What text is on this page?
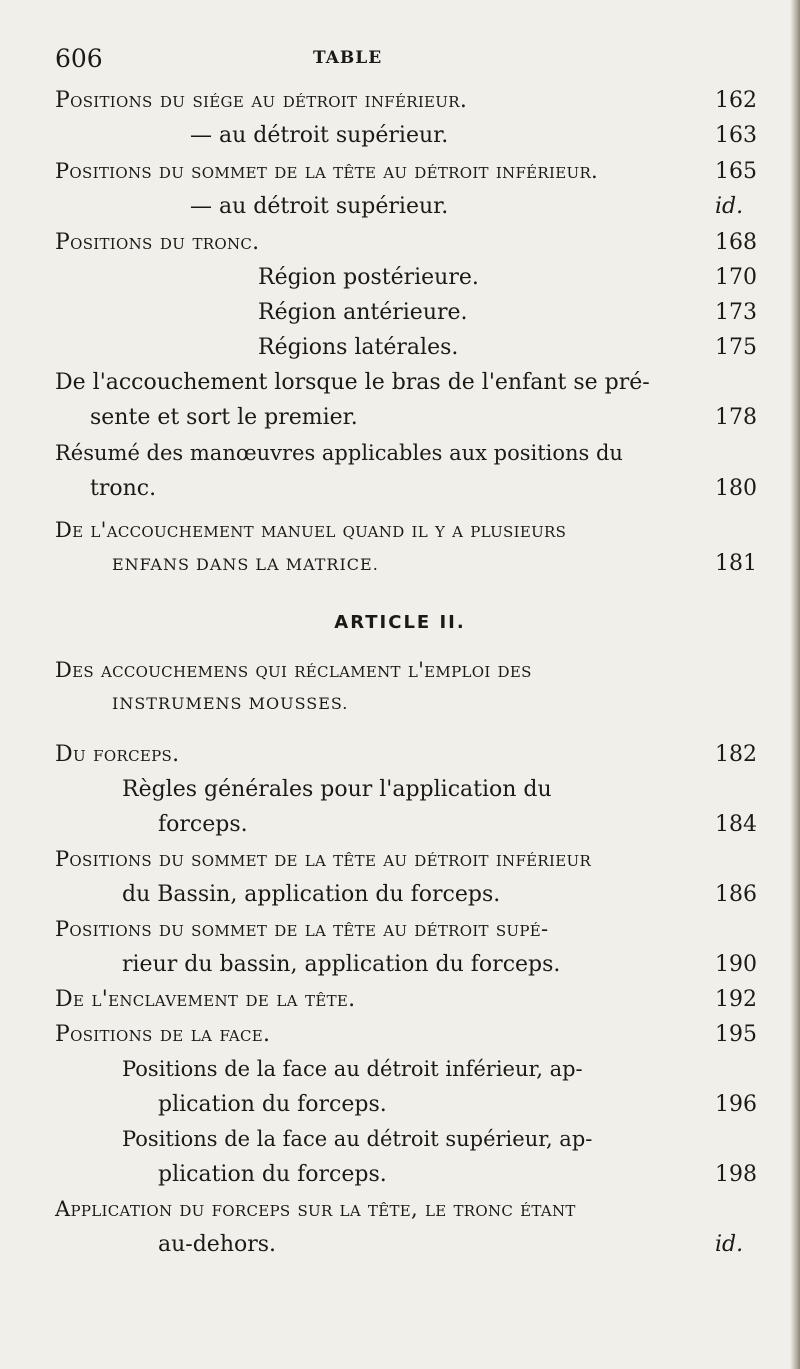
606	TABLE
Positions du siége au détroit inférieur.	162
— au détroit supérieur.	163
Positions du sommet de la tête au détroit inférieur.	165
— au détroit supérieur.	id.
Positions du tronc.	168
Région postérieure.	170
Région antérieure.	173
Régions latérales.	175
De l'accouchement lorsque le bras de l'enfant se pré-
sente et sort le premier.	178
Résumé des manœuvres applicables aux positions du
tronc.	180
De l'accouchement manuel quand il y a plusieurs
ENFANS DANS LA MATRICE.	181
ARTICLE II.
Des accouchemens qui réclament l'emploi des
INSTRUMENS MOUSSES.
Du forceps.	182
Règles générales pour l'application du
forceps.	184
Positions du sommet de la tête au détroit inférieur
du Bassin, application du forceps.	186
Positions du sommet de la tête au détroit supé-
rieur du bassin, application du forceps.	190
De l'enclavement de la tête.	192
Positions de la face.	195
Positions de la face au détroit inférieur, ap-
plication du forceps.	196
Positions de la face au détroit supérieur, ap-
plication du forceps.	198
Application du forceps sur la tête, le tronc étant
au-dehors.	id.
